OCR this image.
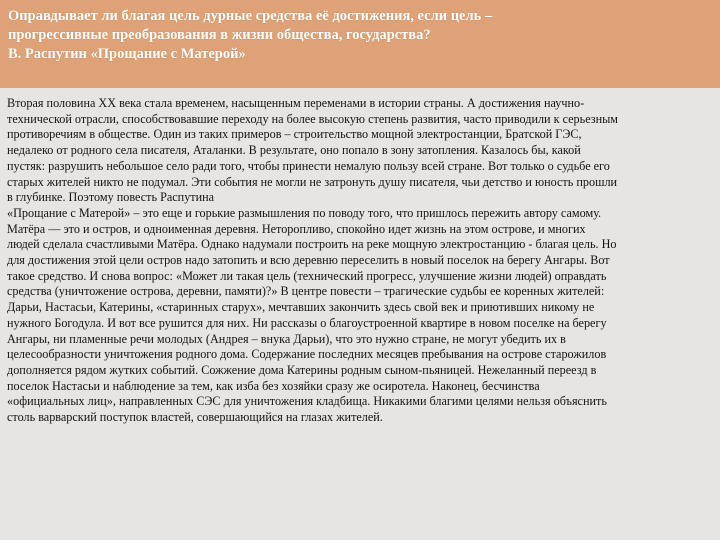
Оправдывает ли благая цель дурные средства её достижения, если цель –
прогрессивные преобразования в жизни общества, государства?
В. Распутин «Прощание с Матерой»
Вторая половина XX века стала временем, насыщенным переменами в истории страны. А достижения научно-
технической отрасли, способствовавшие переходу на более высокую степень развития, часто приводили к серьезным
противоречиям в обществе. Один из таких примеров – строительство мощной электростанции, Братской ГЭС,
недалеко от родного села писателя, Аталанки. В результате, оно попало в зону затопления. Казалось бы, какой
пустяк: разрушить небольшое село ради того, чтобы принести немалую пользу всей стране. Вот только о судьбе его
старых жителей никто не подумал. Эти события не могли не затронуть душу писателя, чьи детство и юность прошли
в глубинке. Поэтому повесть Распутина
«Прощание с Матерой» – это еще и горькие размышления по поводу того, что пришлось пережить автору самому.
Матёра — это и остров, и одноименная деревня. Неторопливо, спокойно идет жизнь на этом острове, и многих
людей сделала счастливыми Матёра. Однако надумали построить на реке мощную электростанцию - благая цель. Но
для достижения этой цели остров надо затопить и всю деревню переселить в новый поселок на берегу Ангары. Вот
такое средство. И снова вопрос: «Может ли такая цель (технический прогресс, улучшение жизни людей) оправдать
средства (уничтожение острова, деревни, памяти)?» В центре повести – трагические судьбы ее коренных жителей:
Дарьи, Настасьи, Катерины, «старинных старух», мечтавших закончить здесь свой век и приютивших никому не
нужного Богодула. И вот все рушится для них. Ни рассказы о благоустроенной квартире в новом поселке на берегу
Ангары, ни пламенные речи молодых (Андрея – внука Дарьи), что это нужно стране, не могут убедить их в
целесообразности уничтожения родного дома. Содержание последних месяцев пребывания на острове старожилов
дополняется рядом жутких событий. Сожжение дома Катерины родным сыном-пьяницей. Нежеланный переезд в
поселок Настасьи и наблюдение за тем, как изба без хозяйки сразу же осиротела. Наконец, бесчинства
«официальных лиц», направленных СЭС для уничтожения кладбища. Никакими благими целями нельзя объяснить
столь варварский поступок властей, совершающийся на глазах жителей.
